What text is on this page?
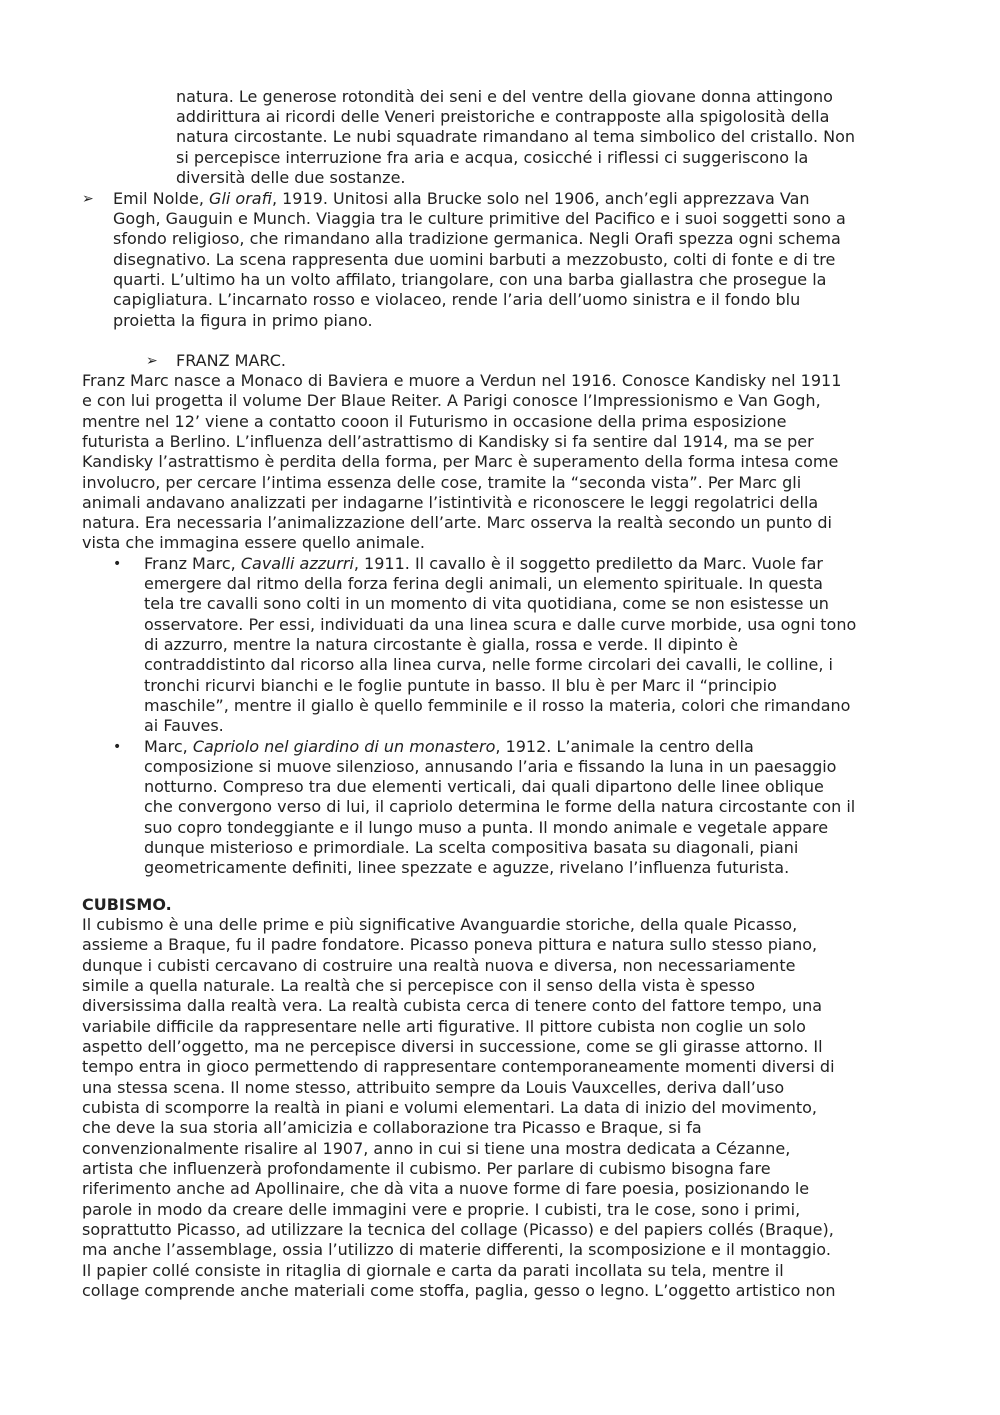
natura. Le generose rotondità dei seni e del ventre della giovane donna attingono
addirittura ai ricordi delle Veneri preistoriche e contrapposte alla spigolosità della
natura circostante. Le nubi squadrate rimandano al tema simbolico del cristallo. Non
si percepisce interruzione fra aria e acqua, cosicché i riflessi ci suggeriscono la
diversità delle due sostanze.
➢ Emil Nolde, Gli orafi, 1919. Unitosi alla Brucke solo nel 1906, anch’egli apprezzava Van
Gogh, Gauguin e Munch. Viaggia tra le culture primitive del Pacifico e i suoi soggetti sono a
sfondo religioso, che rimandano alla tradizione germanica. Negli Orafi spezza ogni schema
disegnativo. La scena rappresenta due uomini barbuti a mezzobusto, colti di fonte e di tre
quarti. L’ultimo ha un volto affilato, triangolare, con una barba giallastra che prosegue la
capigliatura. L’incarnato rosso e violaceo, rende l’aria dell’uomo sinistra e il fondo blu
proietta la figura in primo piano.
➢ FRANZ MARC.
Franz Marc nasce a Monaco di Baviera e muore a Verdun nel 1916. Conosce Kandisky nel 1911
e con lui progetta il volume Der Blaue Reiter. A Parigi conosce l’Impressionismo e Van Gogh,
mentre nel 12’ viene a contatto cooon il Futurismo in occasione della prima esposizione
futurista a Berlino. L’influenza dell’astrattismo di Kandisky si fa sentire dal 1914, ma se per
Kandisky l’astrattismo è perdita della forma, per Marc è superamento della forma intesa come
involucro, per cercare l’intima essenza delle cose, tramite la “seconda vista”. Per Marc gli
animali andavano analizzati per indagarne l’istintività e riconoscere le leggi regolatrici della
natura. Era necessaria l’animalizzazione dell’arte. Marc osserva la realtà secondo un punto di
vista che immagina essere quello animale.
• Franz Marc, Cavalli azzurri, 1911. Il cavallo è il soggetto prediletto da Marc. Vuole far
emergere dal ritmo della forza ferina degli animali, un elemento spirituale. In questa
tela tre cavalli sono colti in un momento di vita quotidiana, come se non esistesse un
osservatore. Per essi, individuati da una linea scura e dalle curve morbide, usa ogni tono
di azzurro, mentre la natura circostante è gialla, rossa e verde. Il dipinto è
contraddistinto dal ricorso alla linea curva, nelle forme circolari dei cavalli, le colline, i
tronchi ricurvi bianchi e le foglie puntute in basso. Il blu è per Marc il “principio
maschile”, mentre il giallo è quello femminile e il rosso la materia, colori che rimandano
ai Fauves.
• Marc, Capriolo nel giardino di un monastero, 1912. L’animale la centro della
composizione si muove silenzioso, annusando l’aria e fissando la luna in un paesaggio
notturno. Compreso tra due elementi verticali, dai quali dipartono delle linee oblique
che convergono verso di lui, il capriolo determina le forme della natura circostante con il
suo copro tondeggiante e il lungo muso a punta. Il mondo animale e vegetale appare
dunque misterioso e primordiale. La scelta compositiva basata su diagonali, piani
geometricamente definiti, linee spezzate e aguzze, rivelano l’influenza futurista.
CUBISMO.
Il cubismo è una delle prime e più significative Avanguardie storiche, della quale Picasso,
assieme a Braque, fu il padre fondatore. Picasso poneva pittura e natura sullo stesso piano,
dunque i cubisti cercavano di costruire una realtà nuova e diversa, non necessariamente
simile a quella naturale. La realtà che si percepisce con il senso della vista è spesso
diversissima dalla realtà vera. La realtà cubista cerca di tenere conto del fattore tempo, una
variabile difficile da rappresentare nelle arti figurative. Il pittore cubista non coglie un solo
aspetto dell’oggetto, ma ne percepisce diversi in successione, come se gli girasse attorno. Il
tempo entra in gioco permettendo di rappresentare contemporaneamente momenti diversi di
una stessa scena. Il nome stesso, attribuito sempre da Louis Vauxcelles, deriva dall’uso
cubista di scomporre la realtà in piani e volumi elementari. La data di inizio del movimento,
che deve la sua storia all’amicizia e collaborazione tra Picasso e Braque, si fa
convenzionalmente risalire al 1907, anno in cui si tiene una mostra dedicata a Cézanne,
artista che influenzerà profondamente il cubismo. Per parlare di cubismo bisogna fare
riferimento anche ad Apollinaire, che dà vita a nuove forme di fare poesia, posizionando le
parole in modo da creare delle immagini vere e proprie. I cubisti, tra le cose, sono i primi,
soprattutto Picasso, ad utilizzare la tecnica del collage (Picasso) e del papiers collés (Braque),
ma anche l’assemblage, ossia l’utilizzo di materie differenti, la scomposizione e il montaggio.
Il papier collé consiste in ritaglia di giornale e carta da parati incollata su tela, mentre il
collage comprende anche materiali come stoffa, paglia, gesso o legno. L’oggetto artistico non
